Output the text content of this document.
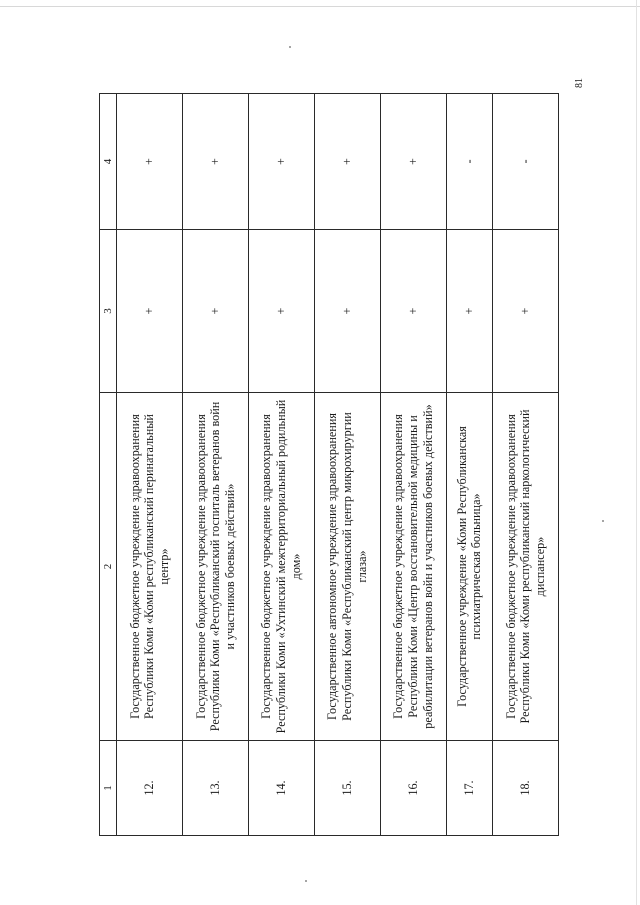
81
1	2	3	4
12.	Государственное бюджетное учреждение здравоохранения Республики Коми «Коми республиканский перинатальный центр»	+	+
13.	Государственное бюджетное учреждение здравоохранения Республики Коми «Республиканский госпиталь ветеранов войн и участников боевых действий»	+	+
14.	Государственное бюджетное учреждение здравоохранения Республики Коми «Ухтинский межтерриториальный родильный дом»	+	+
15.	Государственное автономное учреждение здравоохранения Республики Коми «Республиканский центр микрохирургии глаза»	+	+
16.	Государственное бюджетное учреждение здравоохранения Республики Коми «Центр восстановительной медицины и реабилитации ветеранов войн и участников боевых действий»	+	+
17.	Государственное учреждение «Коми Республиканская психиатрическая больница»	+	-
18.	Государственное бюджетное учреждение здравоохранения Республики Коми «Коми республиканский наркологический диспансер»	+	-
